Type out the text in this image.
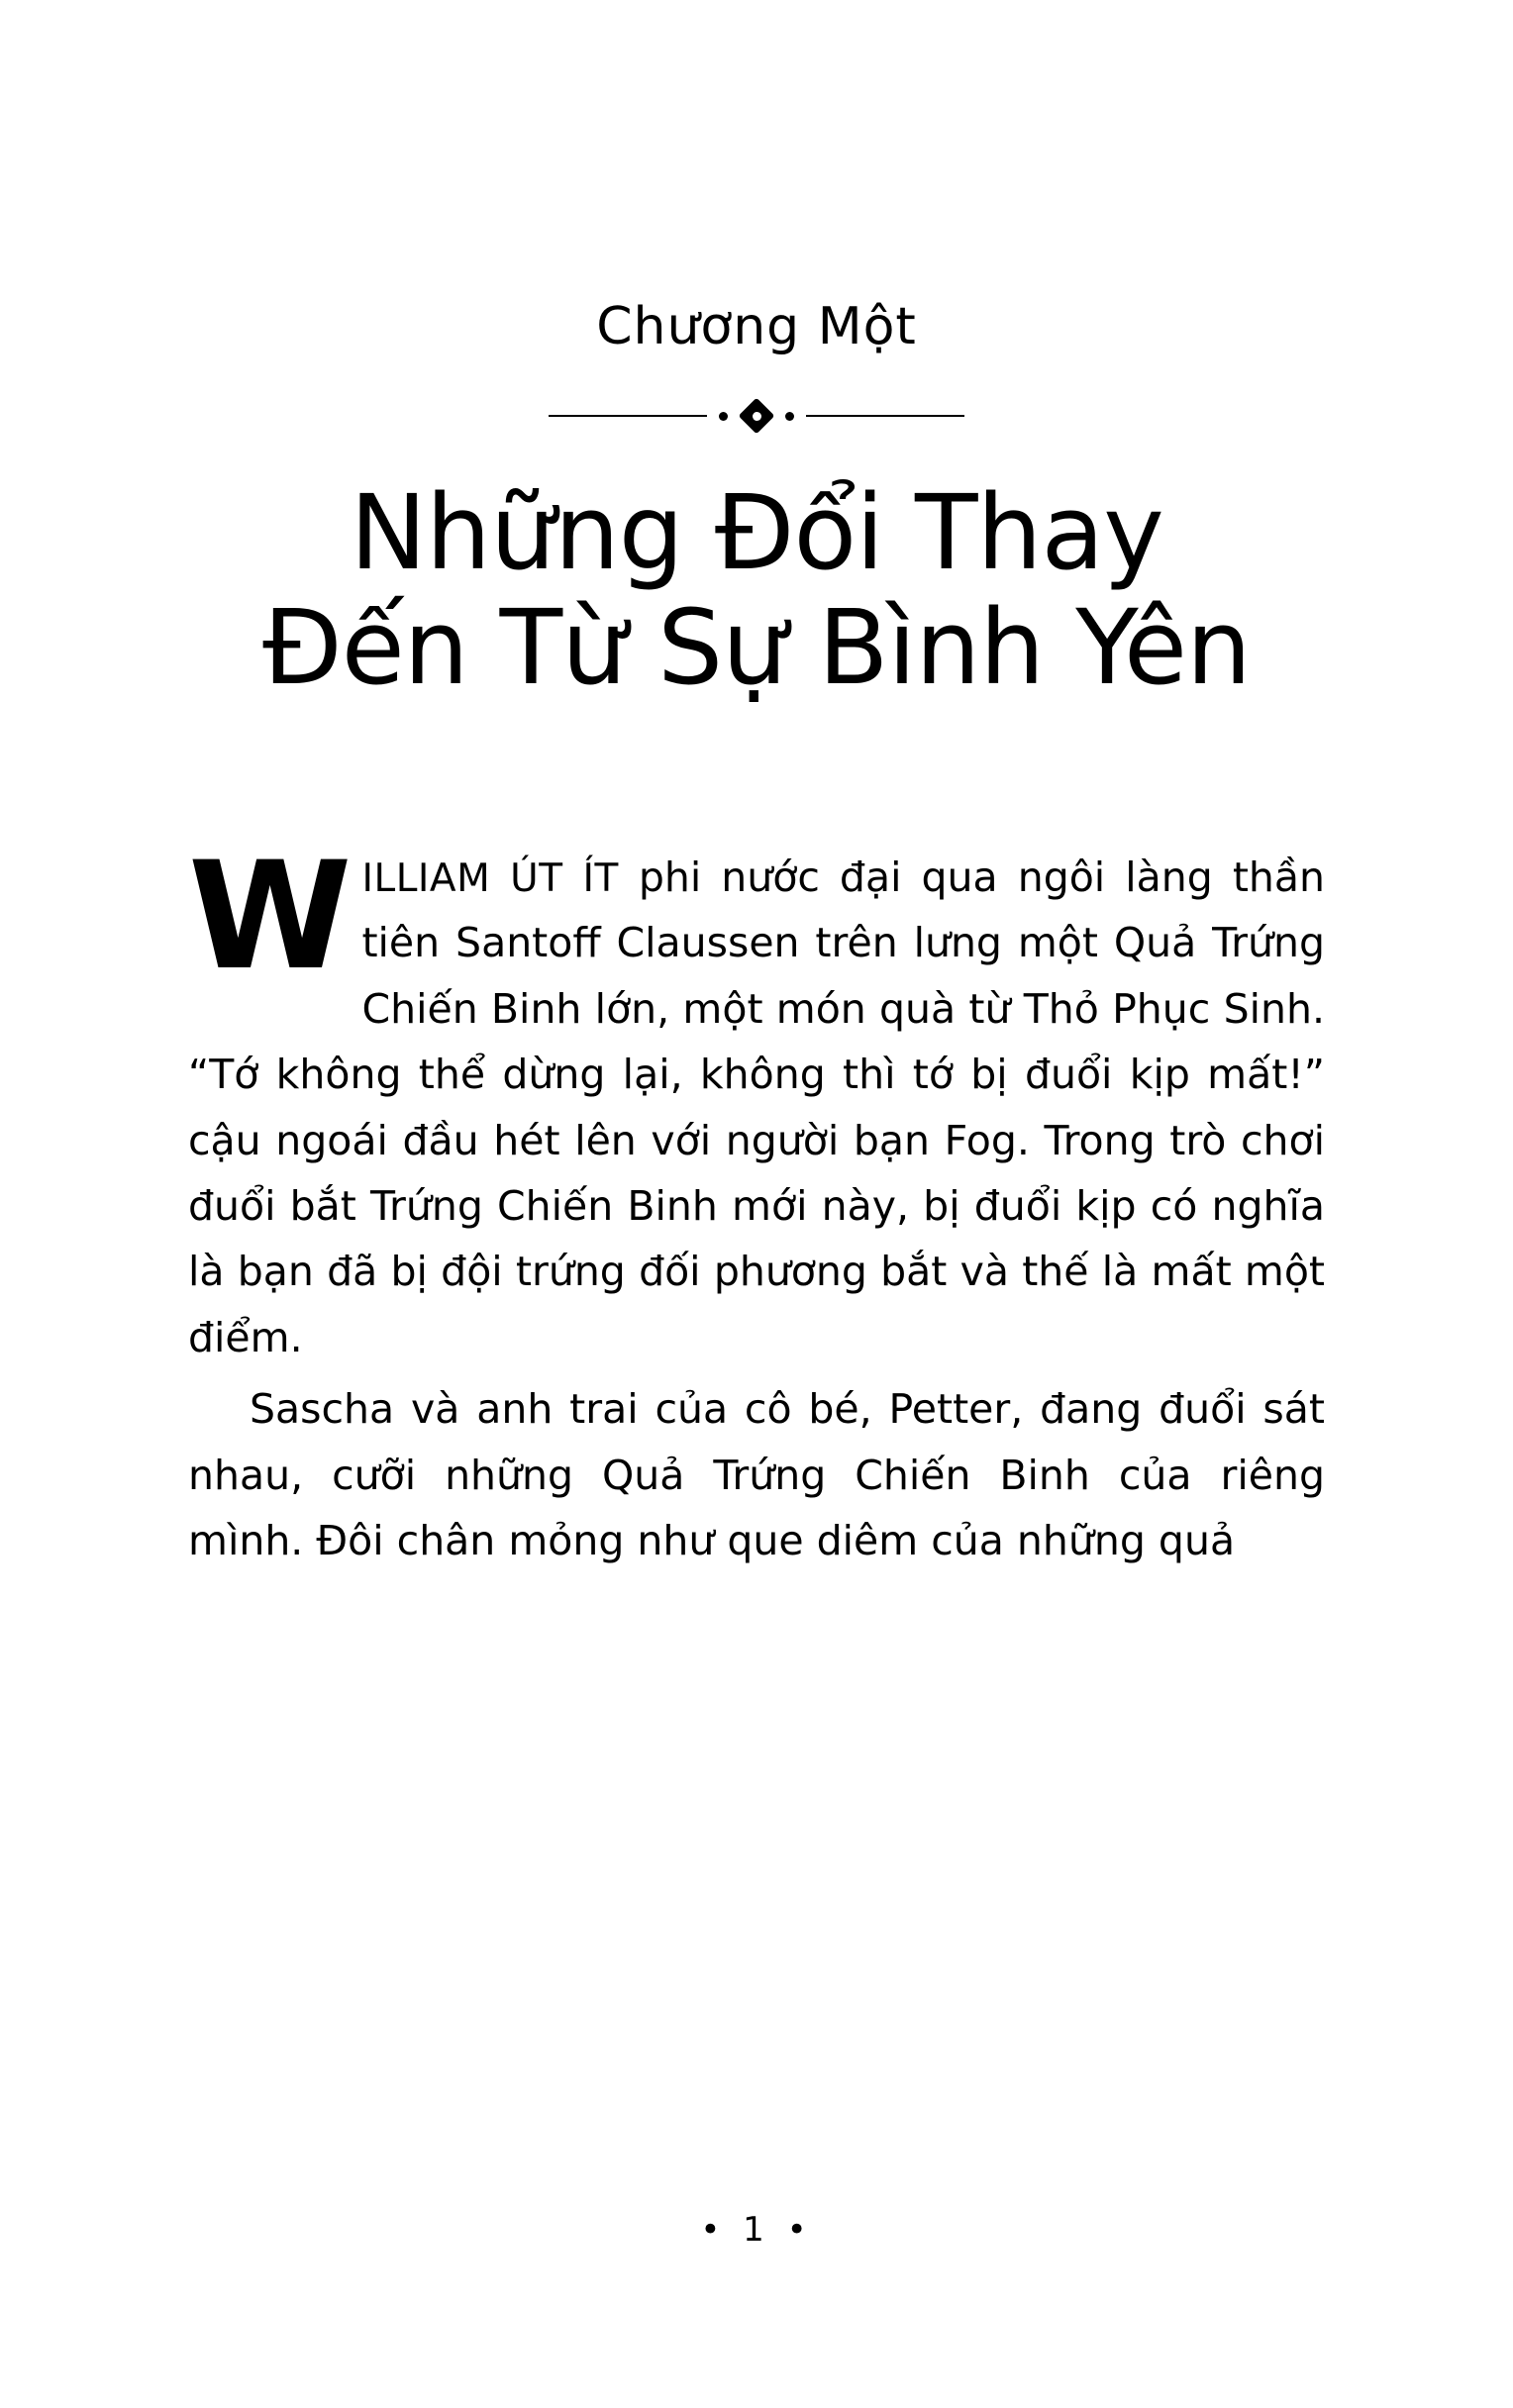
Chương Một
Những Đổi Thay
Đến Từ Sự Bình Yên

WILLIAM ÚT ÍT phi nước đại qua ngôi làng thần tiên Santoff Claussen trên lưng một Quả Trứng Chiến Binh lớn, một món quà từ Thỏ Phục Sinh. “Tớ không thể dừng lại, không thì tớ bị đuổi kịp mất!” cậu ngoái đầu hét lên với người bạn Fog. Trong trò chơi đuổi bắt Trứng Chiến Binh mới này, bị đuổi kịp có nghĩa là bạn đã bị đội trứng đối phương bắt và thế là mất một điểm.

Sascha và anh trai của cô bé, Petter, đang đuổi sát nhau, cưỡi những Quả Trứng Chiến Binh của riêng mình. Đôi chân mỏng như que diêm của những quả

• 1 •
